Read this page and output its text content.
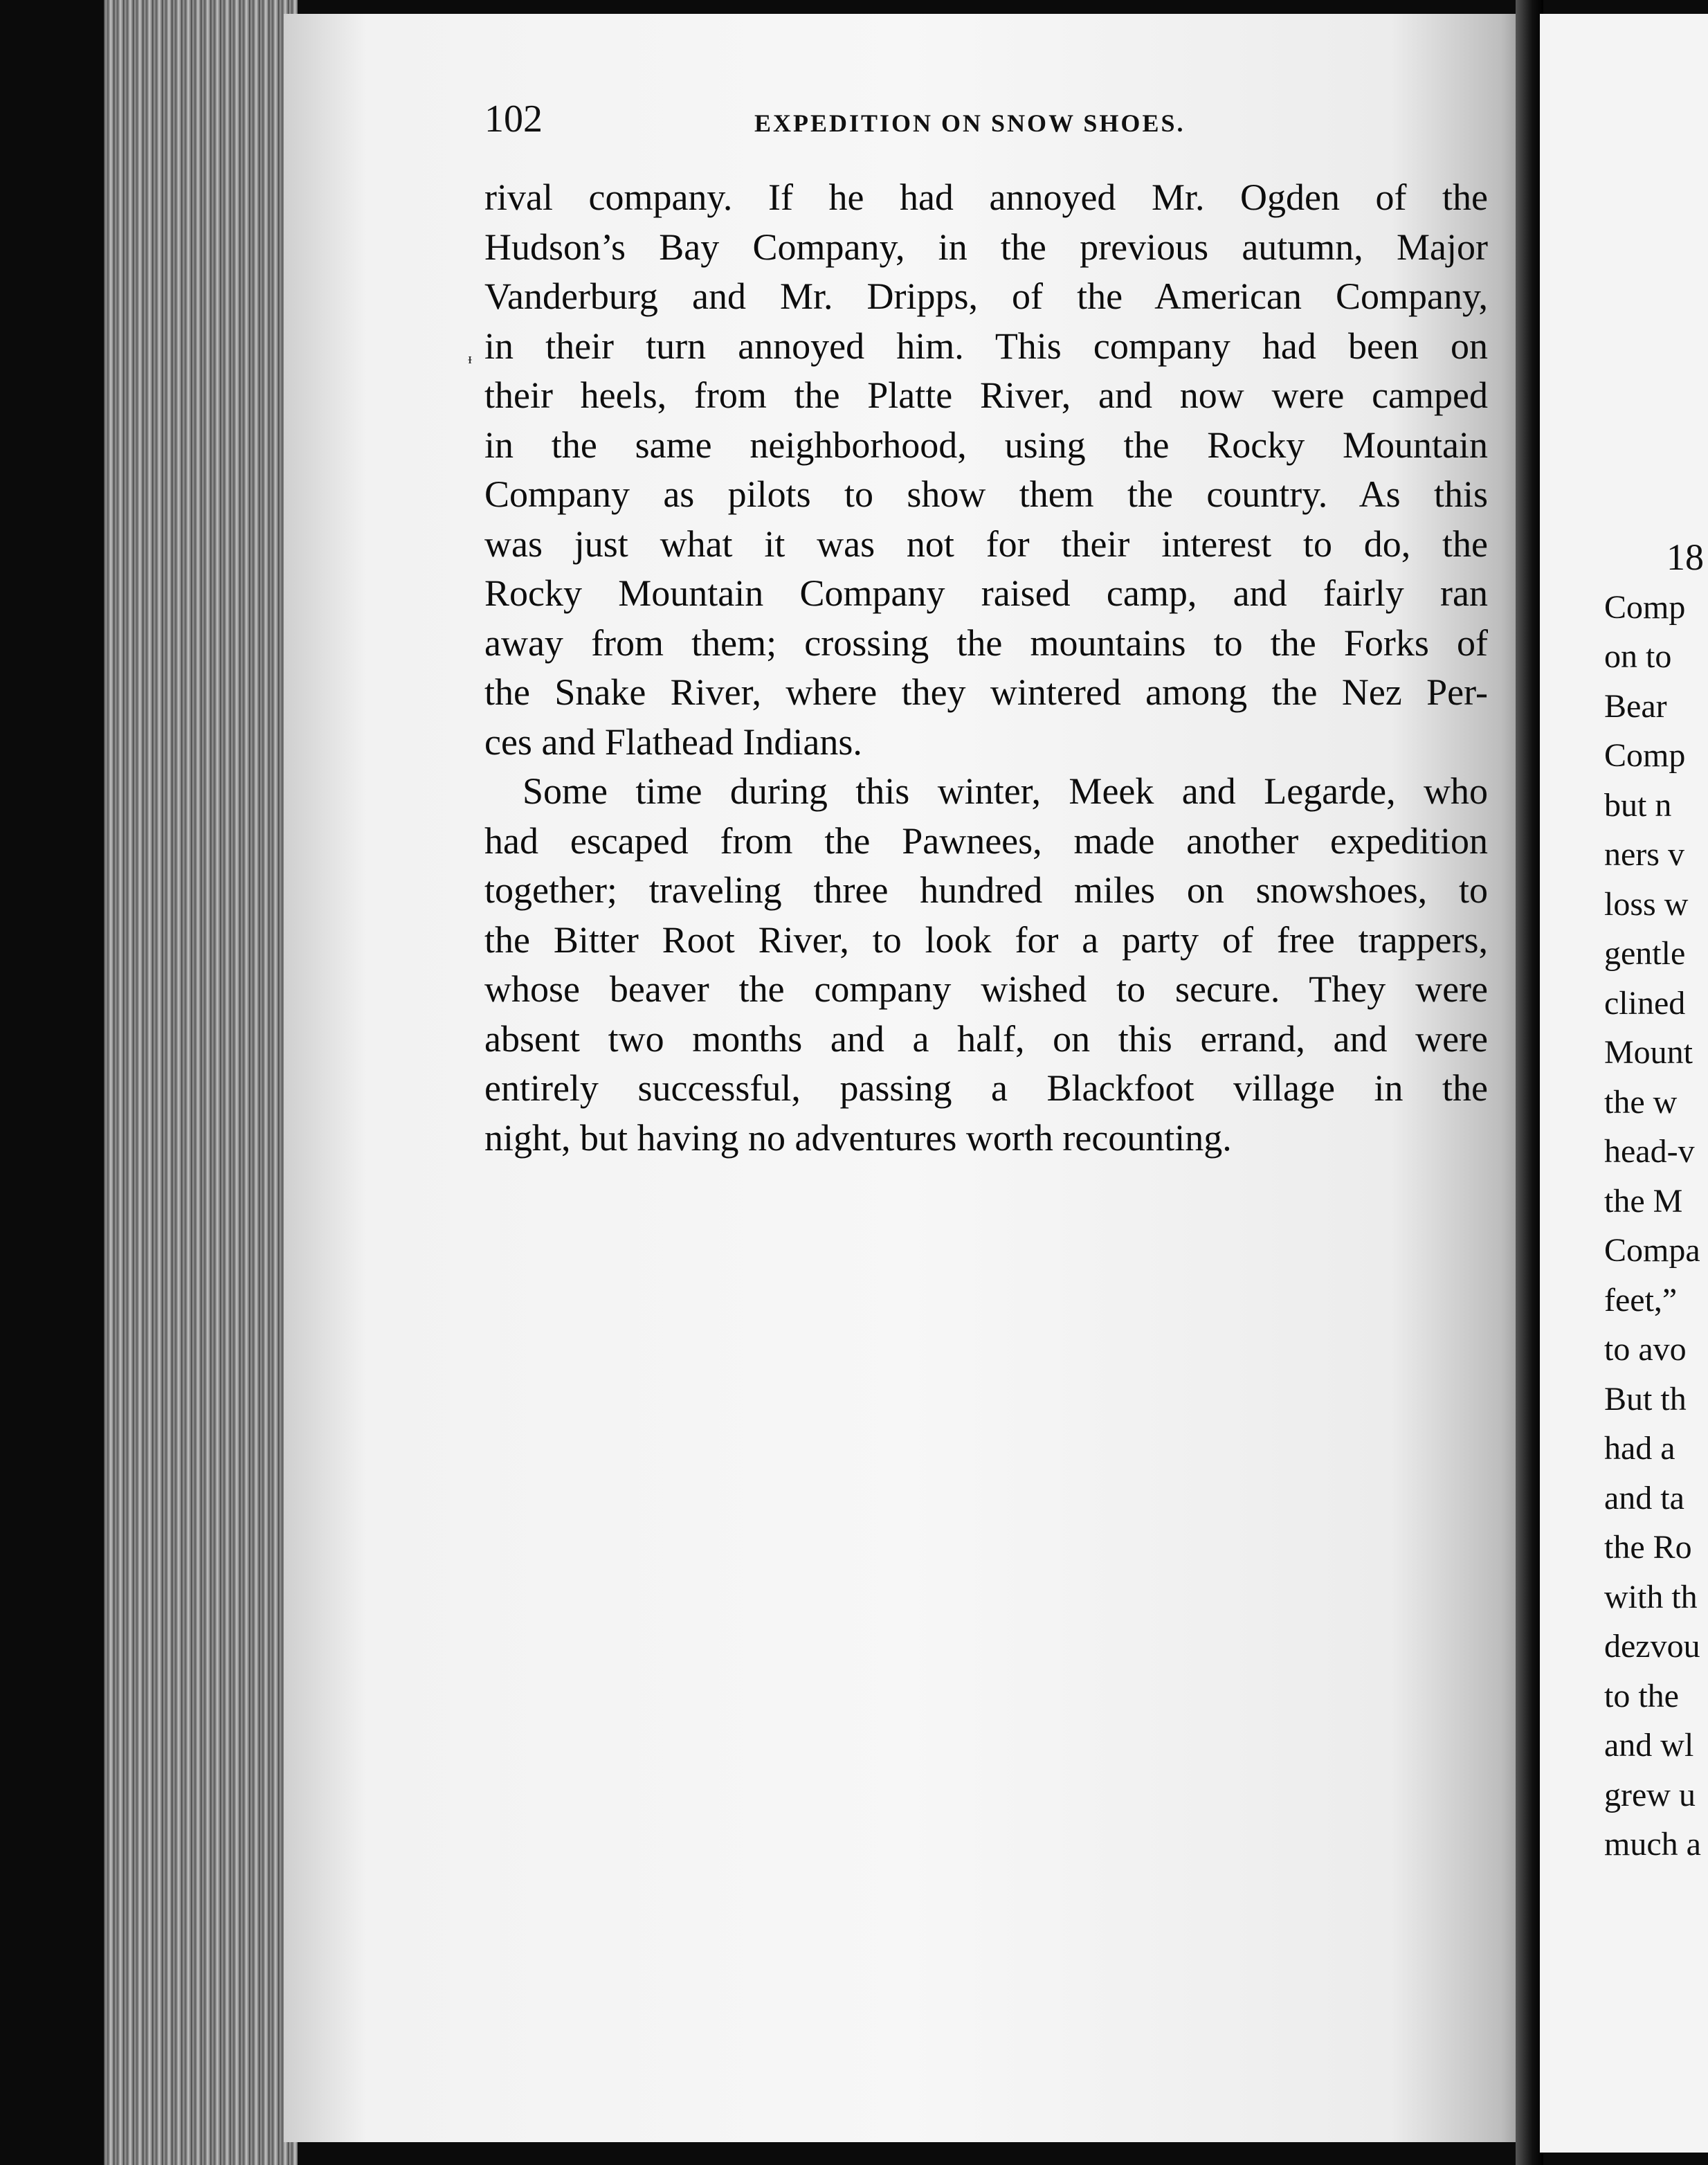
102	EXPEDITION ON SNOW SHOES.
ᵻ
rival company. If he had annoyed Mr. Ogden of the
Hudson’s Bay Company, in the previous autumn, Major
Vanderburg and Mr. Dripps, of the American Company,
in their turn annoyed him. This company had been on
their heels, from the Platte River, and now were camped
in the same neighborhood, using the Rocky Mountain
Company as pilots to show them the country. As this
was just what it was not for their interest to do, the
Rocky Mountain Company raised camp, and fairly ran
away from them; crossing the mountains to the Forks of
the Snake River, where they wintered among the Nez Per-
ces and Flathead Indians.
Some time during this winter, Meek and Legarde, who
had escaped from the Pawnees, made another expedition
together; traveling three hundred miles on snowshoes, to
the Bitter Root River, to look for a party of free trappers,
whose beaver the company wished to secure. They were
absent two months and a half, on this errand, and were
entirely successful, passing a Blackfoot village in the
night, but having no adventures worth recounting.
18
Comp
on to
Bear
Comp
but n
ners v
loss w
gentle
clined
Mount
the w
head-v
the M
Compa
feet,”
to avo
But th
had a
and ta
the Ro
with th
dezvou
to the
and wl
grew u
much a
